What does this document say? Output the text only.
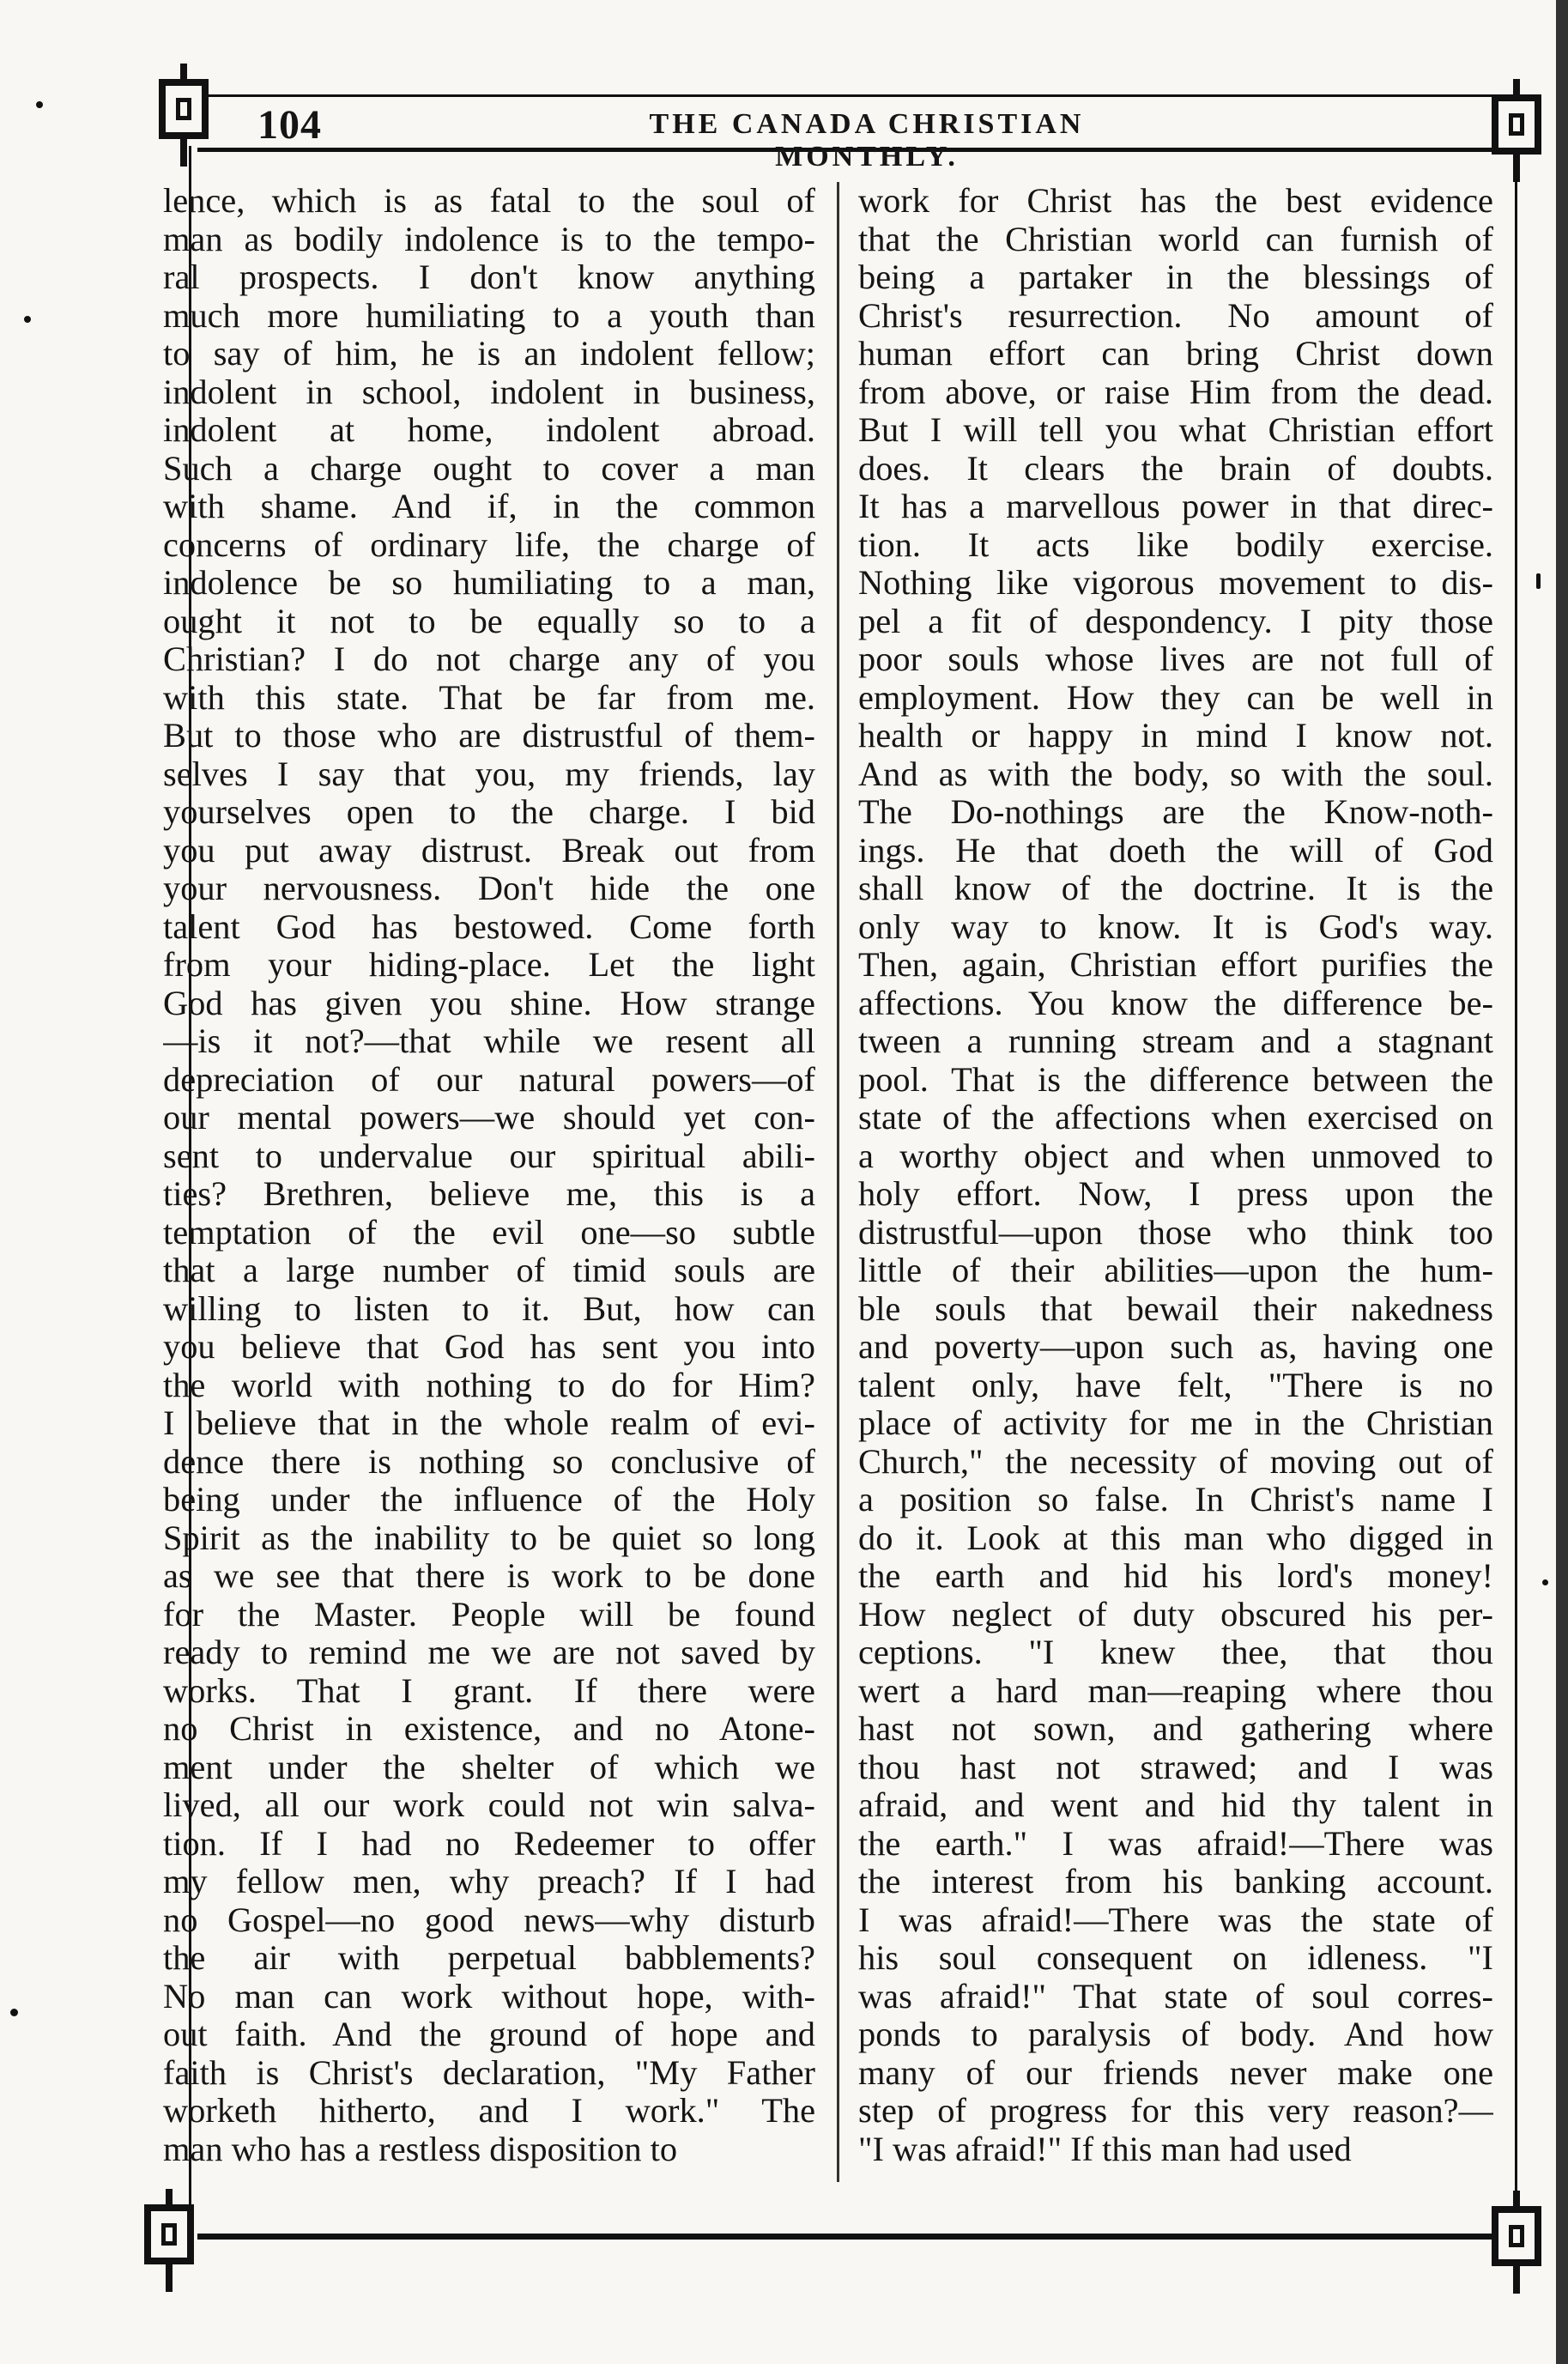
104	THE CANADA CHRISTIAN MONTHLY.
lence, which is as fatal to the soul of
man as bodily indolence is to the tempo-
ral prospects. I don't know anything
much more humiliating to a youth than
to say of him, he is an indolent fellow;
indolent in school, indolent in business,
indolent at home, indolent abroad.
Such a charge ought to cover a man
with shame. And if, in the common
concerns of ordinary life, the charge of
indolence be so humiliating to a man,
ought it not to be equally so to a
Christian? I do not charge any of you
with this state. That be far from me.
But to those who are distrustful of them-
selves I say that you, my friends, lay
yourselves open to the charge. I bid
you put away distrust. Break out from
your nervousness. Don't hide the one
talent God has bestowed. Come forth
from your hiding-place. Let the light
God has given you shine. How strange
—is it not?—that while we resent all
depreciation of our natural powers—of
our mental powers—we should yet con-
sent to undervalue our spiritual abili-
ties? Brethren, believe me, this is a
temptation of the evil one—so subtle
that a large number of timid souls are
willing to listen to it. But, how can
you believe that God has sent you into
the world with nothing to do for Him?
I believe that in the whole realm of evi-
dence there is nothing so conclusive of
being under the influence of the Holy
Spirit as the inability to be quiet so long
as we see that there is work to be done
for the Master. People will be found
ready to remind me we are not saved by
works. That I grant. If there were
no Christ in existence, and no Atone-
ment under the shelter of which we
lived, all our work could not win salva-
tion. If I had no Redeemer to offer
my fellow men, why preach? If I had
no Gospel—no good news—why disturb
the air with perpetual babblements?
No man can work without hope, with-
out faith. And the ground of hope and
faith is Christ's declaration, "My Father
worketh hitherto, and I work." The
man who has a restless disposition to
work for Christ has the best evidence
that the Christian world can furnish of
being a partaker in the blessings of
Christ's resurrection. No amount of
human effort can bring Christ down
from above, or raise Him from the dead.
But I will tell you what Christian effort
does. It clears the brain of doubts.
It has a marvellous power in that direc-
tion. It acts like bodily exercise.
Nothing like vigorous movement to dis-
pel a fit of despondency. I pity those
poor souls whose lives are not full of
employment. How they can be well in
health or happy in mind I know not.
And as with the body, so with the soul.
The Do-nothings are the Know-noth-
ings. He that doeth the will of God
shall know of the doctrine. It is the
only way to know. It is God's way.
Then, again, Christian effort purifies the
affections. You know the difference be-
tween a running stream and a stagnant
pool. That is the difference between the
state of the affections when exercised on
a worthy object and when unmoved to
holy effort. Now, I press upon the
distrustful—upon those who think too
little of their abilities—upon the hum-
ble souls that bewail their nakedness
and poverty—upon such as, having one
talent only, have felt, "There is no
place of activity for me in the Christian
Church," the necessity of moving out of
a position so false. In Christ's name I
do it. Look at this man who digged in
the earth and hid his lord's money!
How neglect of duty obscured his per-
ceptions. "I knew thee, that thou
wert a hard man—reaping where thou
hast not sown, and gathering where
thou hast not strawed; and I was
afraid, and went and hid thy talent in
the earth." I was afraid!—There was
the interest from his banking account.
I was afraid!—There was the state of
his soul consequent on idleness. "I
was afraid!" That state of soul corres-
ponds to paralysis of body. And how
many of our friends never make one
step of progress for this very reason?—
"I was afraid!" If this man had used
